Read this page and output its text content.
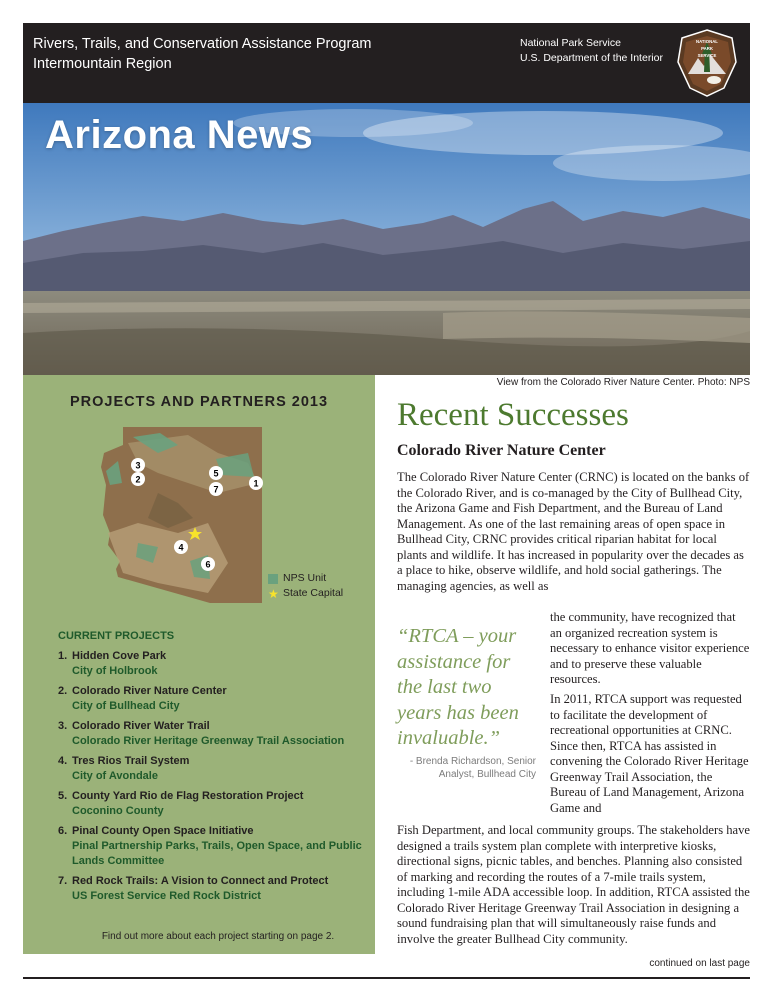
Rivers, Trails, and Conservation Assistance Program
Intermountain Region
National Park Service
U.S. Department of the Interior
NATIONAL
PARK
SERVICE
Arizona News
View from the Colorado River Nature Center. Photo: NPS
PROJECTS AND PARTNERS 2013
1
2
3
4
5
6
7
NPS Unit
★ State Capital
CURRENT PROJECTS
1. Hidden Cove Park
City of Holbrook
2. Colorado River Nature Center
City of Bullhead City
3. Colorado River Water Trail
Colorado River Heritage Greenway Trail Association
4. Tres Rios Trail System
City of Avondale
5. County Yard Rio de Flag Restoration Project
Coconino County
6. Pinal County Open Space Initiative
Pinal Partnership Parks, Trails, Open Space, and Public Lands Committee
7. Red Rock Trails: A Vision to Connect and Protect
US Forest Service Red Rock District
Find out more about each project starting on page 2.
Recent Successes
Colorado River Nature Center
The Colorado River Nature Center (CRNC) is located on the banks of the Colorado River, and is co-managed by the City of Bullhead City, the Arizona Game and Fish Department, and the Bureau of Land Management. As one of the last remaining areas of open space in Bullhead City, CRNC provides critical riparian habitat for local plants and wildlife. It has increased in popularity over the decades as a place to hike, observe wildlife, and hold social gatherings. The managing agencies, as well as
“RTCA – your assistance for the last two years has been invaluable.”
- Brenda Richardson, Senior Analyst, Bullhead City
the community, have recognized that an organized recreation system is necessary to enhance visitor experience and to preserve these valuable resources.
In 2011, RTCA support was requested to facilitate the development of recreational opportunities at CRNC. Since then, RTCA has assisted in convening the Colorado River Heritage Greenway Trail Association, the Bureau of Land Management, Arizona Game and
Fish Department, and local community groups. The stakeholders have designed a trails system plan complete with interpretive kiosks, directional signs, picnic tables, and benches. Planning also consisted of marking and recording the routes of a 7-mile trails system, including 1-mile ADA accessible loop. In addition, RTCA assisted the Colorado River Heritage Greenway Trail Association in designing a sound fundraising plan that will simultaneously raise funds and involve the greater Bullhead City community.
continued on last page
